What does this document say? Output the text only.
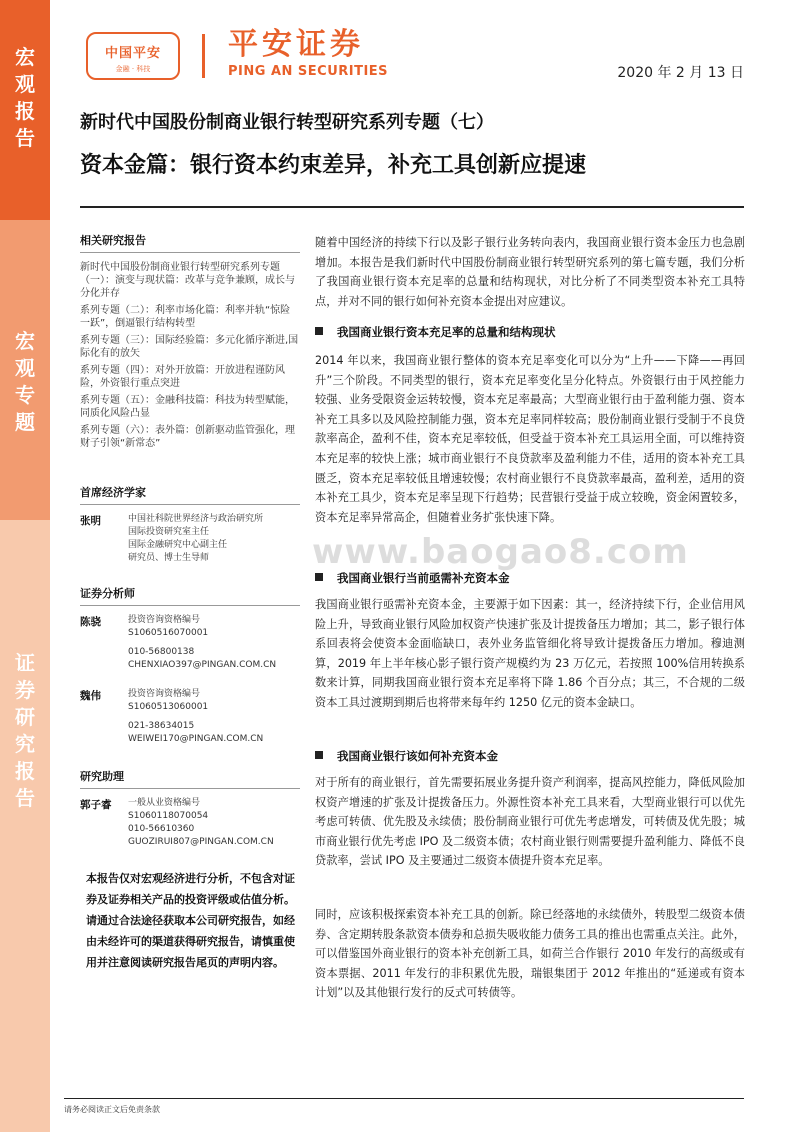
宏
观
报
告
宏
观
专
题
证
券
研
究
报
告
中国平安
金融 · 科技
平安证券
PING AN SECURITIES	2020 年 2 月 13 日
新时代中国股份制商业银行转型研究系列专题（七）
资本金篇：银行资本约束差异，补充工具创新应提速
相关研究报告
新时代中国股份制商业银行转型研究系列专题（一）：演变与现状篇：改革与竞争兼顾，成长与分化并存
系列专题（二）：利率市场化篇：利率并轨“惊险一跃”，倒逼银行结构转型
系列专题（三）：国际经验篇：多元化循序渐进,国际化有的放矢
系列专题（四）：对外开放篇：开放进程谨防风险，外资银行重点突进
系列专题（五）：金融科技篇：科技为转型赋能，同质化风险凸显
系列专题（六）：表外篇：创新驱动监管强化，理财子引领“新常态”
首席经济学家
张明	中国社科院世界经济与政治研究所
国际投资研究室主任
国际金融研究中心副主任
研究员、博士生导师
证券分析师
陈骁	投资咨询资格编号
S1060516070001
010-56800138
CHENXIAO397@PINGAN.COM.CN
魏伟	投资咨询资格编号
S1060513060001
021-38634015
WEIWEI170@PINGAN.COM.CN
研究助理
郭子睿	一般从业资格编号
S1060118070054
010-56610360
GUOZIRUI807@PINGAN.COM.CN

本报告仅对宏观经济进行分析，不包含对证券及证券相关产品的投资评级或估值分析。

请通过合法途径获取本公司研究报告，如经由未经许可的渠道获得研究报告，请慎重使用并注意阅读研究报告尾页的声明内容。

随着中国经济的持续下行以及影子银行业务转向表内，我国商业银行资本金压力也急剧增加。本报告是我们新时代中国股份制商业银行转型研究系列的第七篇专题，我们分析了我国商业银行资本充足率的总量和结构现状，对比分析了不同类型资本补充工具特点，并对不同的银行如何补充资本金提出对应建议。
我国商业银行资本充足率的总量和结构现状
2014 年以来，我国商业银行整体的资本充足率变化可以分为“上升——下降——再回升”三个阶段。不同类型的银行，资本充足率变化呈分化特点。外资银行由于风控能力较强、业务受限资金运转较慢，资本充足率最高；大型商业银行由于盈利能力强、资本补充工具多以及风险控制能力强，资本充足率同样较高；股份制商业银行受制于不良贷款率高企，盈利不佳，资本充足率较低，但受益于资本补充工具运用全面，可以维持资本充足率的较快上涨；城市商业银行不良贷款率及盈利能力不佳，适用的资本补充工具匮乏，资本充足率较低且增速较慢；农村商业银行不良贷款率最高，盈利差，适用的资本补充工具少，资本充足率呈现下行趋势；民营银行受益于成立较晚，资金闲置较多，资本充足率异常高企，但随着业务扩张快速下降。
我国商业银行当前亟需补充资本金
我国商业银行亟需补充资本金，主要源于如下因素：其一，经济持续下行，企业信用风险上升，导致商业银行风险加权资产快速扩张及计提拨备压力增加；其二，影子银行体系回表将会使资本金面临缺口，表外业务监管细化将导致计提拨备压力增加。穆迪测算，2019 年上半年核心影子银行资产规模约为 23 万亿元，若按照 100%信用转换系数来计算，同期我国商业银行资本充足率将下降 1.86 个百分点；其三，不合规的二级资本工具过渡期到期后也将带来每年约 1250 亿元的资本金缺口。
我国商业银行该如何补充资本金
对于所有的商业银行，首先需要拓展业务提升资产利润率，提高风控能力，降低风险加权资产增速的扩张及计提拨备压力。外源性资本补充工具来看，大型商业银行可以优先考虑可转债、优先股及永续债；股份制商业银行可优先考虑增发，可转债及优先股；城市商业银行优先考虑 IPO 及二级资本债；农村商业银行则需要提升盈利能力、降低不良贷款率，尝试 IPO 及主要通过二级资本债提升资本充足率。
同时，应该积极探索资本补充工具的创新。除已经落地的永续债外，转股型二级资本债券、含定期转股条款资本债券和总损失吸收能力债务工具的推出也需重点关注。此外，可以借鉴国外商业银行的资本补充创新工具，如荷兰合作银行 2010 年发行的高级或有资本票据、2011 年发行的非积累优先股，瑞银集团于 2012 年推出的“延递或有资本计划”以及其他银行发行的反式可转债等。
www.baogao8.com
请务必阅读正文后免责条款
